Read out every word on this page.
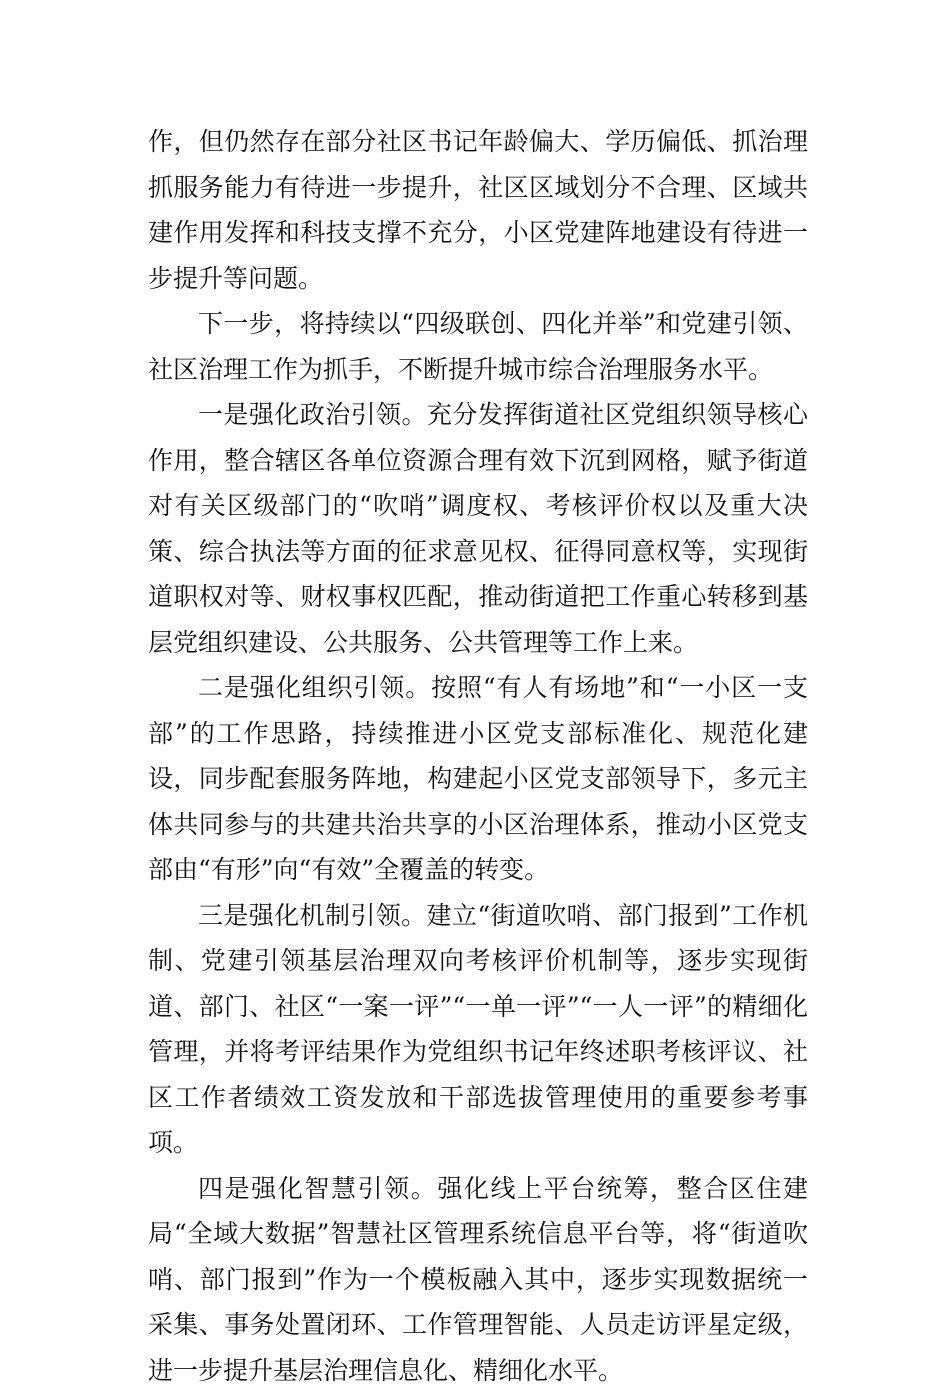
作，但仍然存在部分社区书记年龄偏大、学历偏低、抓治理抓服务能力有待进一步提升，社区区域划分不合理、区域共建作用发挥和科技支撑不充分，小区党建阵地建设有待进一步提升等问题。

下一步，将持续以“四级联创、四化并举”和党建引领、社区治理工作为抓手，不断提升城市综合治理服务水平。

一是强化政治引领。充分发挥街道社区党组织领导核心作用，整合辖区各单位资源合理有效下沉到网格，赋予街道对有关区级部门的“吹哨”调度权、考核评价权以及重大决策、综合执法等方面的征求意见权、征得同意权等，实现街道职权对等、财权事权匹配，推动街道把工作重心转移到基层党组织建设、公共服务、公共管理等工作上来。

二是强化组织引领。按照“有人有场地”和“一小区一支部”的工作思路，持续推进小区党支部标准化、规范化建设，同步配套服务阵地，构建起小区党支部领导下，多元主体共同参与的共建共治共享的小区治理体系，推动小区党支部由“有形”向“有效”全覆盖的转变。

三是强化机制引领。建立“街道吹哨、部门报到”工作机制、党建引领基层治理双向考核评价机制等，逐步实现街道、部门、社区“一案一评”“一单一评”“一人一评”的精细化管理，并将考评结果作为党组织书记年终述职考核评议、社区工作者绩效工资发放和干部选拔管理使用的重要参考事项。

四是强化智慧引领。强化线上平台统筹，整合区住建局“全域大数据”智慧社区管理系统信息平台等，将“街道吹哨、部门报到”作为一个模板融入其中，逐步实现数据统一采集、事务处置闭环、工作管理智能、人员走访评星定级，进一步提升基层治理信息化、精细化水平。
